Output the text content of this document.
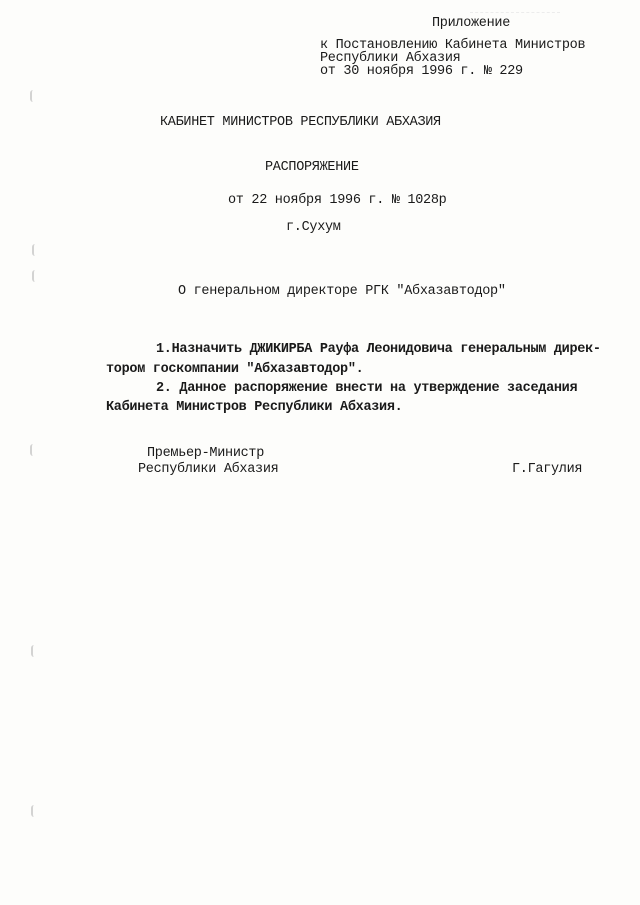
Приложение
к Постановлению Кабинета Министров
Республики Абхазия
от 30 ноября 1996 г. № 229
КАБИНЕТ МИНИСТРОВ РЕСПУБЛИКИ АБХАЗИЯ
РАСПОРЯЖЕНИЕ
от 22 ноября 1996 г. № 1028р
г.Сухум
О генеральном директоре РГК "Абхазавтодор"
1.Назначить ДЖИКИРБА Рауфа Леонидовича генеральным дирек-
тором госкомпании "Абхазавтодор".
2. Данное распоряжение внести на утверждение заседания
Кабинета Министров Республики Абхазия.
Премьер-Министр
Республики Абхазия	Г.Гагулия
